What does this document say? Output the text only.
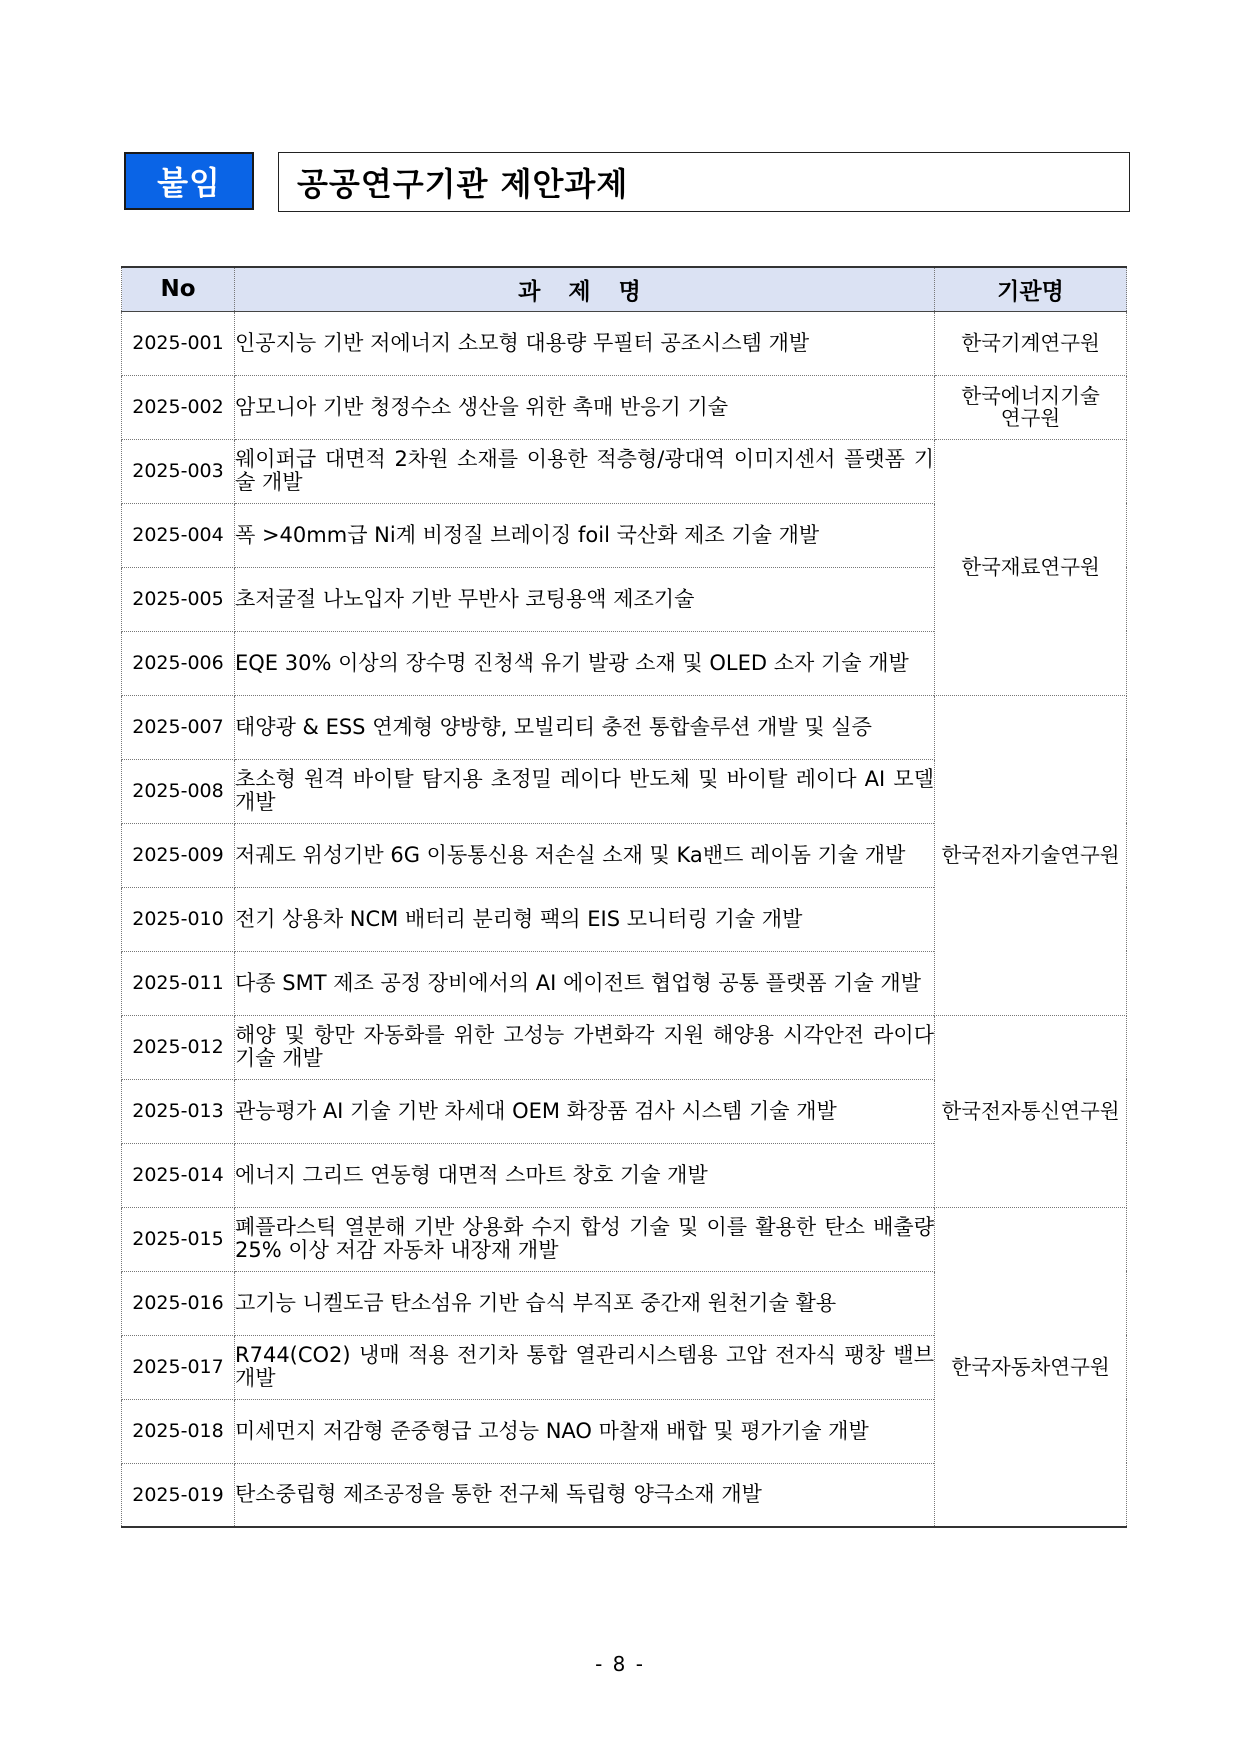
붙임	공공연구기관 제안과제
No	과 제 명	기관명
2025-001	인공지능 기반 저에너지 소모형 대용량 무필터 공조시스템 개발	한국기계연구원
2025-002	암모니아 기반 청정수소 생산을 위한 촉매 반응기 기술	한국에너지기술
연구원
2025-003	웨이퍼급 대면적 2차원 소재를 이용한 적층형/광대역 이미지센서 플랫폼 기술 개발	한국재료연구원
2025-004	폭 >40mm급 Ni계 비정질 브레이징 foil 국산화 제조 기술 개발	
2025-005	초저굴절 나노입자 기반 무반사 코팅용액 제조기술	
2025-006	EQE 30% 이상의 장수명 진청색 유기 발광 소재 및 OLED 소자 기술 개발	
2025-007	태양광 & ESS 연계형 양방향, 모빌리티 충전 통합솔루션 개발 및 실증	한국전자기술연구원
2025-008	초소형 원격 바이탈 탐지용 초정밀 레이다 반도체 및 바이탈 레이다 AI 모델 개발	
2025-009	저궤도 위성기반 6G 이동통신용 저손실 소재 및 Ka밴드 레이돔 기술 개발	
2025-010	전기 상용차 NCM 배터리 분리형 팩의 EIS 모니터링 기술 개발	
2025-011	다종 SMT 제조 공정 장비에서의 AI 에이전트 협업형 공통 플랫폼 기술 개발	
2025-012	해양 및 항만 자동화를 위한 고성능 가변화각 지원 해양용 시각안전 라이다 기술 개발	한국전자통신연구원
2025-013	관능평가 AI 기술 기반 차세대 OEM 화장품 검사 시스템 기술 개발	
2025-014	에너지 그리드 연동형 대면적 스마트 창호 기술 개발	
2025-015	폐플라스틱 열분해 기반 상용화 수지 합성 기술 및 이를 활용한 탄소 배출량 25% 이상 저감 자동차 내장재 개발	한국자동차연구원
2025-016	고기능 니켈도금 탄소섬유 기반 습식 부직포 중간재 원천기술 활용	
2025-017	R744(CO2) 냉매 적용 전기차 통합 열관리시스템용 고압 전자식 팽창 밸브 개발	
2025-018	미세먼지 저감형 준중형급 고성능 NAO 마찰재 배합 및 평가기술 개발	
2025-019	탄소중립형 제조공정을 통한 전구체 독립형 양극소재 개발	
- 8 -
